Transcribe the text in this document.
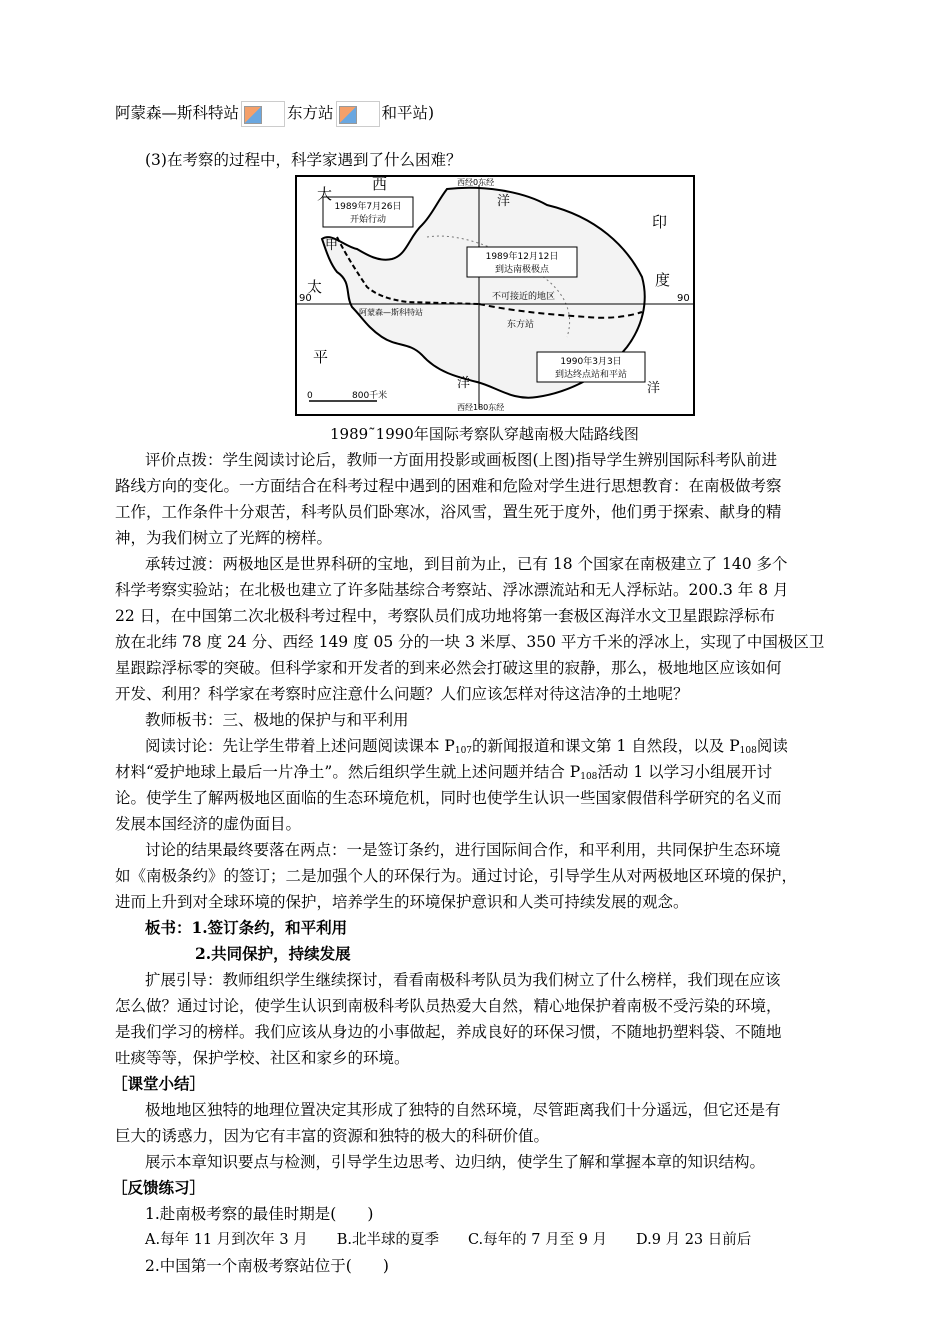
阿蒙森—斯科特站	东方站	和平站)
(3)在考察的过程中，科学家遇到了什么困难？
1989年7月26日
开始行动
1989年12月12日
到达南极极点
1990年3月3日
到达终点站和平站
大
西
洋
印
度
洋
太
平
洋
甲
西经0东经
西经180东经
90	90
不可接近的地区
阿蒙森—斯科特站
东方站
0	800千米
1989˜1990年国际考察队穿越南极大陆路线图
评价点拨：学生阅读讨论后，教师一方面用投影或画板图(上图)指导学生辨别国际科考队前进
路线方向的变化。一方面结合在科考过程中遇到的困难和危险对学生进行思想教育：在南极做考察
工作，工作条件十分艰苦，科考队员们卧寒冰，浴风雪，置生死于度外，他们勇于探索、献身的精
神，为我们树立了光辉的榜样。
承转过渡：两极地区是世界科研的宝地，到目前为止，已有 18 个国家在南极建立了 140 多个
科学考察实验站；在北极也建立了许多陆基综合考察站、浮冰漂流站和无人浮标站。200.3 年 8 月
22 日，在中国第二次北极科考过程中，考察队员们成功地将第一套极区海洋水文卫星跟踪浮标布
放在北纬 78 度 24 分、西经 149 度 05 分的一块 3 米厚、350 平方千米的浮冰上，实现了中国极区卫
星跟踪浮标零的突破。但科学家和开发者的到来必然会打破这里的寂静，那么，极地地区应该如何
开发、利用？科学家在考察时应注意什么问题？人们应该怎样对待这洁净的土地呢？
教师板书：三、极地的保护与和平利用
阅读讨论：先让学生带着上述问题阅读课本 $P_{107}$的新闻报道和课文第 1 自然段，以及 $P_{108}$阅读
材料“爱护地球上最后一片净土”。然后组织学生就上述问题并结合 $P_{108}$活动 1 以学习小组展开讨
论。使学生了解两极地区面临的生态环境危机，同时也使学生认识一些国家假借科学研究的名义而
发展本国经济的虚伪面目。
讨论的结果最终要落在两点：一是签订条约，进行国际间合作，和平利用，共同保护生态环境
如《南极条约》的签订；二是加强个人的环保行为。通过讨论，引导学生从对两极地区环境的保护，
进而上升到对全球环境的保护，培养学生的环境保护意识和人类可持续发展的观念。
板书：1.签订条约，和平利用
2.共同保护，持续发展
扩展引导：教师组织学生继续探讨，看看南极科考队员为我们树立了什么榜样，我们现在应该
怎么做？通过讨论，使学生认识到南极科考队员热爱大自然，精心地保护着南极不受污染的环境，
是我们学习的榜样。我们应该从身边的小事做起，养成良好的环保习惯，不随地扔塑料袋、不随地
吐痰等等，保护学校、社区和家乡的环境。
［课堂小结］
极地地区独特的地理位置决定其形成了独特的自然环境，尽管距离我们十分遥远，但它还是有
巨大的诱惑力，因为它有丰富的资源和独特的极大的科研价值。
展示本章知识要点与检测，引导学生边思考、边归纳，使学生了解和掌握本章的知识结构。
［反馈练习］
1.赴南极考察的最佳时期是(　　)
A.每年 11 月到次年 3 月　　B.北半球的夏季　　C.每年的 7 月至 9 月　　D.9 月 23 日前后
2.中国第一个南极考察站位于(　　)
